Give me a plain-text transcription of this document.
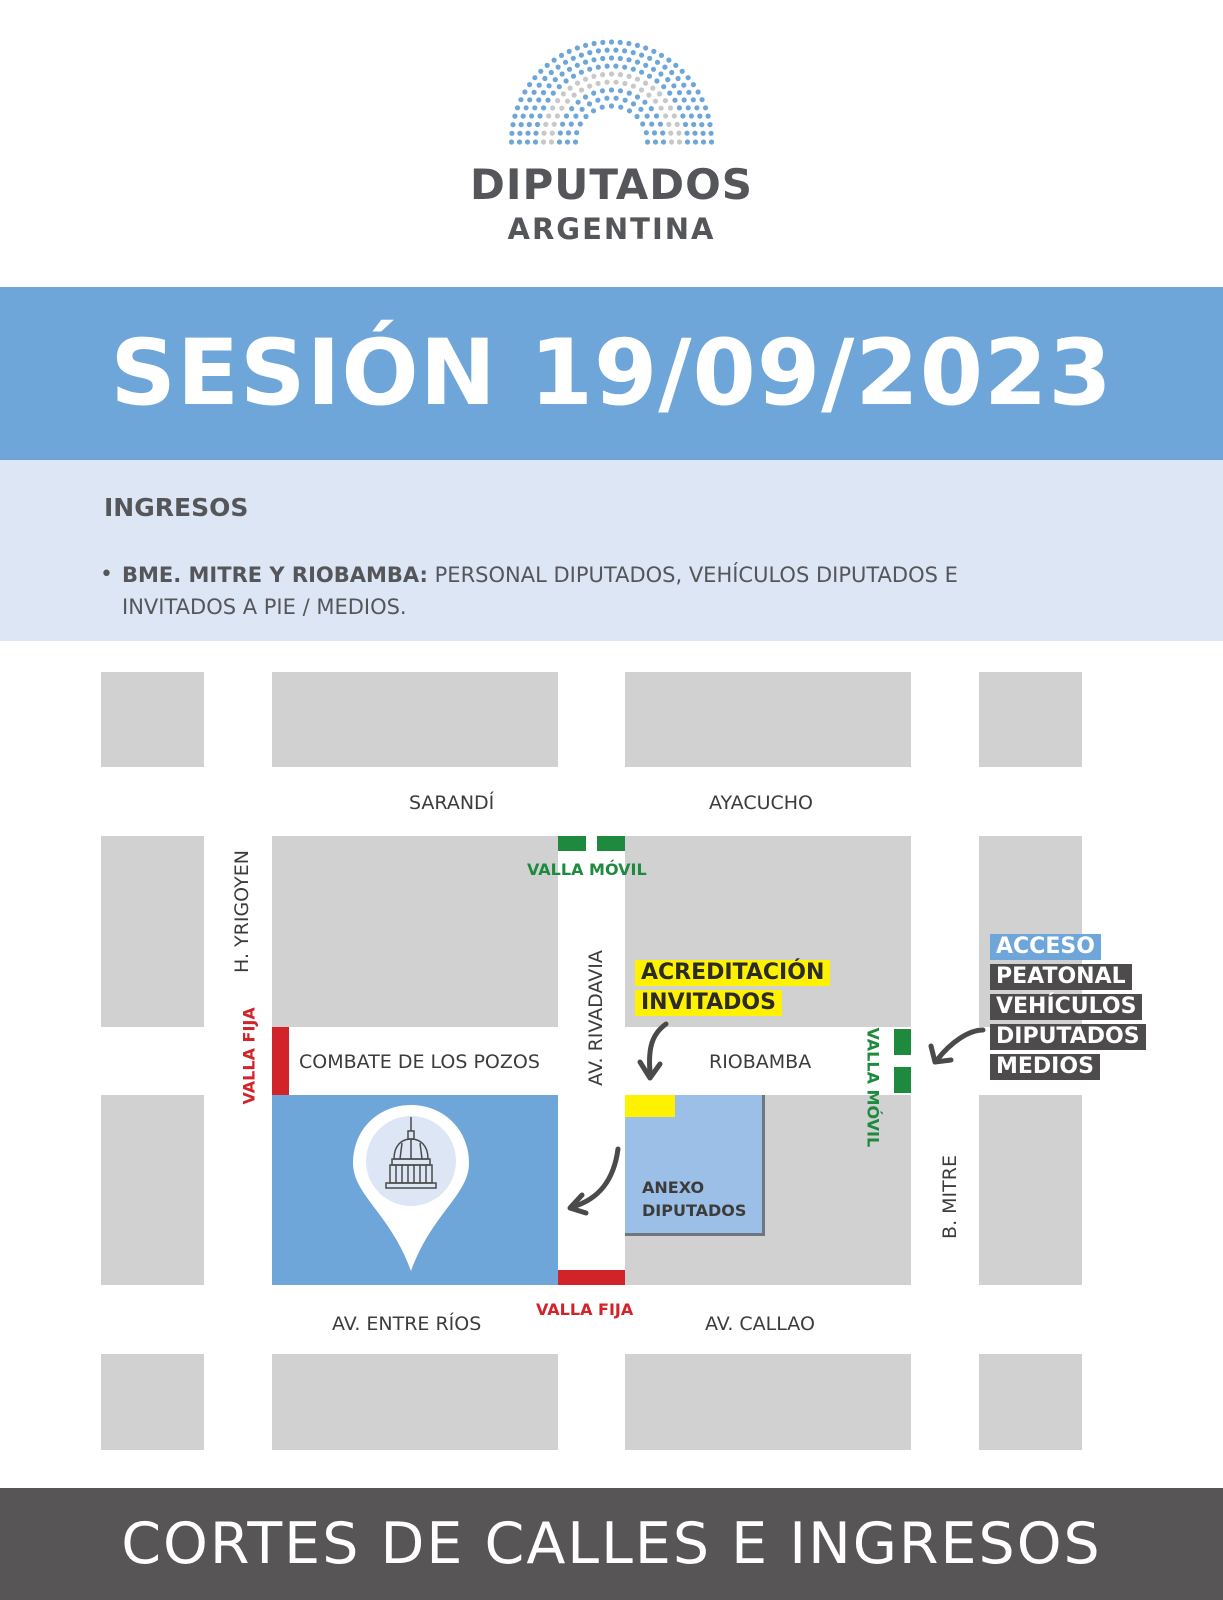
DIPUTADOS
ARGENTINA
SESIÓN 19/09/2023
INGRESOS
• BME. MITRE Y RIOBAMBA: PERSONAL DIPUTADOS, VEHÍCULOS DIPUTADOS E INVITADOS A PIE / MEDIOS.
ANEXO
DIPUTADOS
VALLA MÓVIL
VALLA MÓVIL
VALLA FIJA
VALLA FIJA
SARANDÍ	AYACUCHO
H. YRIGOYEN
AV. RIVADAVIA
COMBATE DE LOS POZOS	RIOBAMBA
B. MITRE
AV. ENTRE RÍOS	AV. CALLAO
ACREDITACIÓN
INVITADOS
ACCESO
PEATONAL
VEHÍCULOS
DIPUTADOS
MEDIOS
CORTES DE CALLES E INGRESOS
